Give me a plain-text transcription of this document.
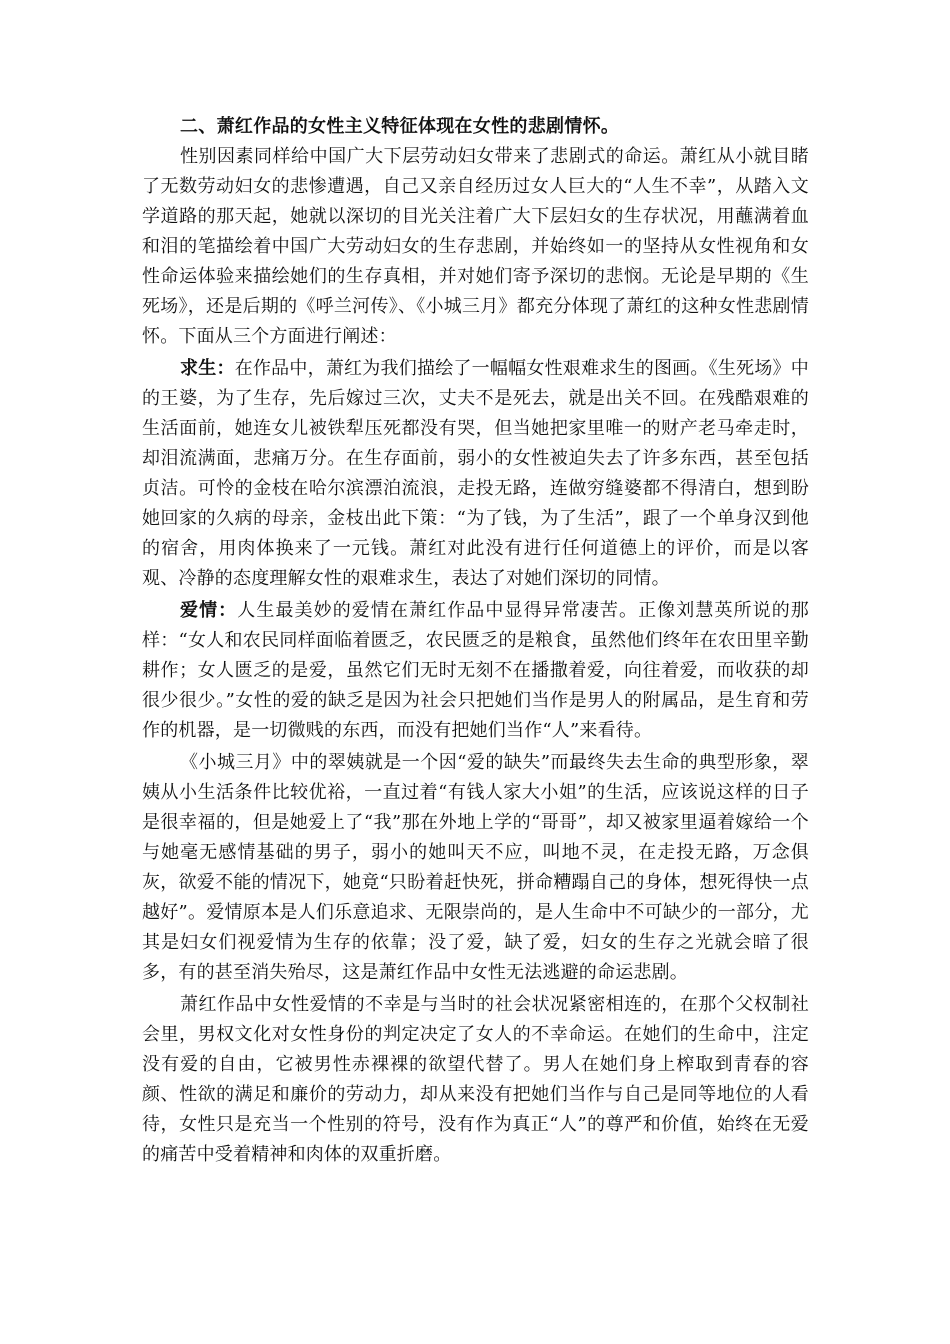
二、萧红作品的女性主义特征体现在女性的悲剧情怀。

性别因素同样给中国广大下层劳动妇女带来了悲剧式的命运。萧红从小就目睹了无数劳动妇女的悲惨遭遇，自己又亲自经历过女人巨大的“人生不幸”，从踏入文学道路的那天起，她就以深切的目光关注着广大下层妇女的生存状况，用蘸满着血和泪的笔描绘着中国广大劳动妇女的生存悲剧，并始终如一的坚持从女性视角和女性命运体验来描绘她们的生存真相，并对她们寄予深切的悲悯。无论是早期的《生死场》，还是后期的《呼兰河传》、《小城三月》都充分体现了萧红的这种女性悲剧情怀。下面从三个方面进行阐述：

求生：在作品中，萧红为我们描绘了一幅幅女性艰难求生的图画。《生死场》中的王婆，为了生存，先后嫁过三次，丈夫不是死去，就是出关不回。在残酷艰难的生活面前，她连女儿被铁犁压死都没有哭，但当她把家里唯一的财产老马牵走时，却泪流满面，悲痛万分。在生存面前，弱小的女性被迫失去了许多东西，甚至包括贞洁。可怜的金枝在哈尔滨漂泊流浪，走投无路，连做穷缝婆都不得清白，想到盼她回家的久病的母亲，金枝出此下策：“为了钱，为了生活”，跟了一个单身汉到他的宿舍，用肉体换来了一元钱。萧红对此没有进行任何道德上的评价，而是以客观、冷静的态度理解女性的艰难求生，表达了对她们深切的同情。

爱情：人生最美妙的爱情在萧红作品中显得异常凄苦。正像刘慧英所说的那样：“女人和农民同样面临着匮乏，农民匮乏的是粮食，虽然他们终年在农田里辛勤耕作；女人匮乏的是爱，虽然它们无时无刻不在播撒着爱，向往着爱，而收获的却很少很少。”女性的爱的缺乏是因为社会只把她们当作是男人的附属品，是生育和劳作的机器，是一切微贱的东西，而没有把她们当作“人”来看待。

《小城三月》中的翠姨就是一个因“爱的缺失”而最终失去生命的典型形象，翠姨从小生活条件比较优裕，一直过着“有钱人家大小姐”的生活，应该说这样的日子是很幸福的，但是她爱上了“我”那在外地上学的“哥哥”，却又被家里逼着嫁给一个与她毫无感情基础的男子，弱小的她叫天不应，叫地不灵，在走投无路，万念俱灰，欲爱不能的情况下，她竟“只盼着赶快死，拼命糟蹋自己的身体，想死得快一点越好”。爱情原本是人们乐意追求、无限崇尚的，是人生命中不可缺少的一部分，尤其是妇女们视爱情为生存的依靠；没了爱，缺了爱，妇女的生存之光就会暗了很多，有的甚至消失殆尽，这是萧红作品中女性无法逃避的命运悲剧。

萧红作品中女性爱情的不幸是与当时的社会状况紧密相连的，在那个父权制社会里，男权文化对女性身份的判定决定了女人的不幸命运。在她们的生命中，注定没有爱的自由，它被男性赤裸裸的欲望代替了。男人在她们身上榨取到青春的容颜、性欲的满足和廉价的劳动力，却从来没有把她们当作与自己是同等地位的人看待，女性只是充当一个性别的符号，没有作为真正“人”的尊严和价值，始终在无爱的痛苦中受着精神和肉体的双重折磨。
